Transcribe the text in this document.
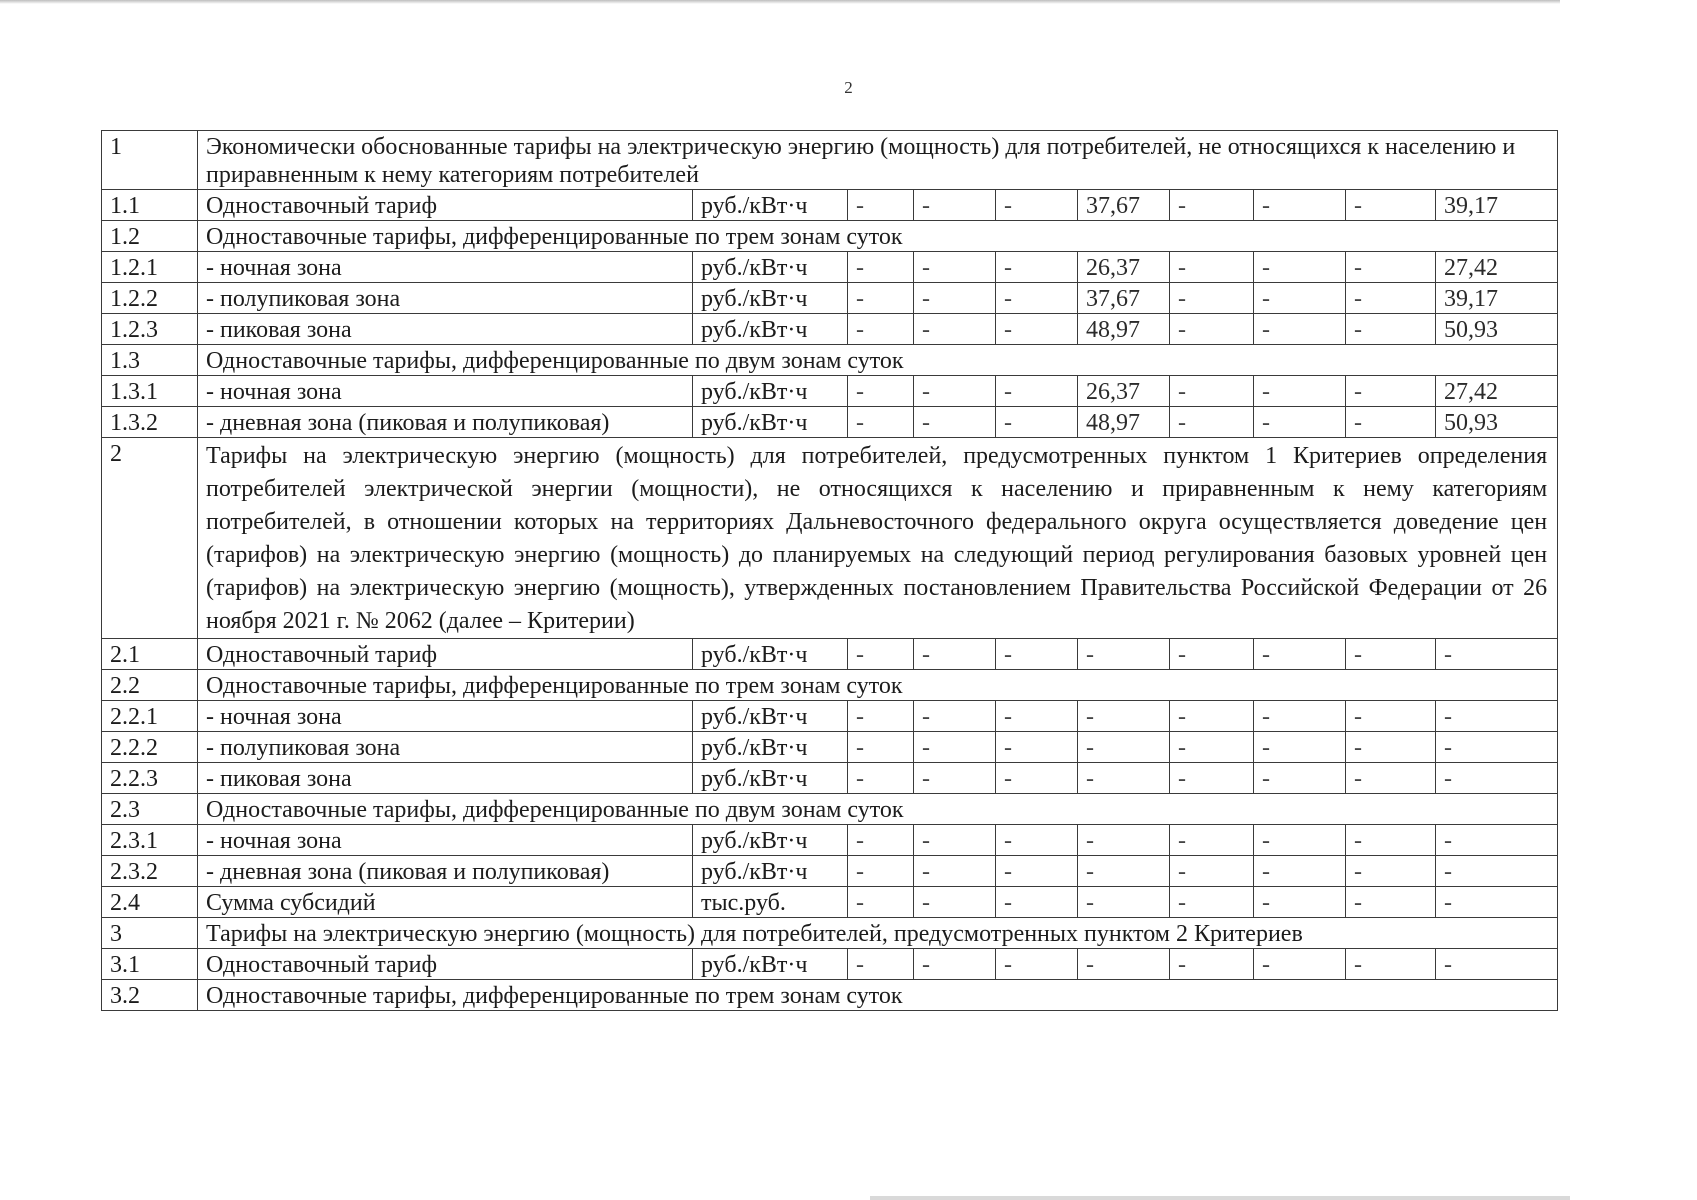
2
1	Экономически обоснованные тарифы на электрическую энергию (мощность) для потребителей, не относящихся к населению и приравненным к нему категориям потребителей									
1.1	Одноставочный тариф	руб./кВт·ч	-	-	-	37,67	-	-	-	39,17
1.2	Одноставочные тарифы, дифференцированные по трем зонам суток									
1.2.1	- ночная зона	руб./кВт·ч	-	-	-	26,37	-	-	-	27,42
1.2.2	- полупиковая зона	руб./кВт·ч	-	-	-	37,67	-	-	-	39,17
1.2.3	- пиковая зона	руб./кВт·ч	-	-	-	48,97	-	-	-	50,93
1.3	Одноставочные тарифы, дифференцированные по двум зонам суток									
1.3.1	- ночная зона	руб./кВт·ч	-	-	-	26,37	-	-	-	27,42
1.3.2	- дневная зона (пиковая и полупиковая)	руб./кВт·ч	-	-	-	48,97	-	-	-	50,93
2	Тарифы на электрическую энергию (мощность) для потребителей, предусмотренных пунктом 1 Критериев определения потребителей электрической энергии (мощности), не относящихся к населению и приравненным к нему категориям потребителей, в отношении которых на территориях Дальневосточного федерального округа осуществляется доведение цен (тарифов) на электрическую энергию (мощность) до планируемых на следующий период регулирования базовых уровней цен (тарифов) на электрическую энергию (мощность), утвержденных постановлением Правительства Российской Федерации от 26 ноября 2021 г. № 2062 (далее – Критерии)									
2.1	Одноставочный тариф	руб./кВт·ч	-	-	-	-	-	-	-	-
2.2	Одноставочные тарифы, дифференцированные по трем зонам суток									
2.2.1	- ночная зона	руб./кВт·ч	-	-	-	-	-	-	-	-
2.2.2	- полупиковая зона	руб./кВт·ч	-	-	-	-	-	-	-	-
2.2.3	- пиковая зона	руб./кВт·ч	-	-	-	-	-	-	-	-
2.3	Одноставочные тарифы, дифференцированные по двум зонам суток									
2.3.1	- ночная зона	руб./кВт·ч	-	-	-	-	-	-	-	-
2.3.2	- дневная зона (пиковая и полупиковая)	руб./кВт·ч	-	-	-	-	-	-	-	-
2.4	Сумма субсидий	тыс.руб.	-	-	-	-	-	-	-	-
3	Тарифы на электрическую энергию (мощность) для потребителей, предусмотренных пунктом 2 Критериев									
3.1	Одноставочный тариф	руб./кВт·ч	-	-	-	-	-	-	-	-
3.2	Одноставочные тарифы, дифференцированные по трем зонам суток									
